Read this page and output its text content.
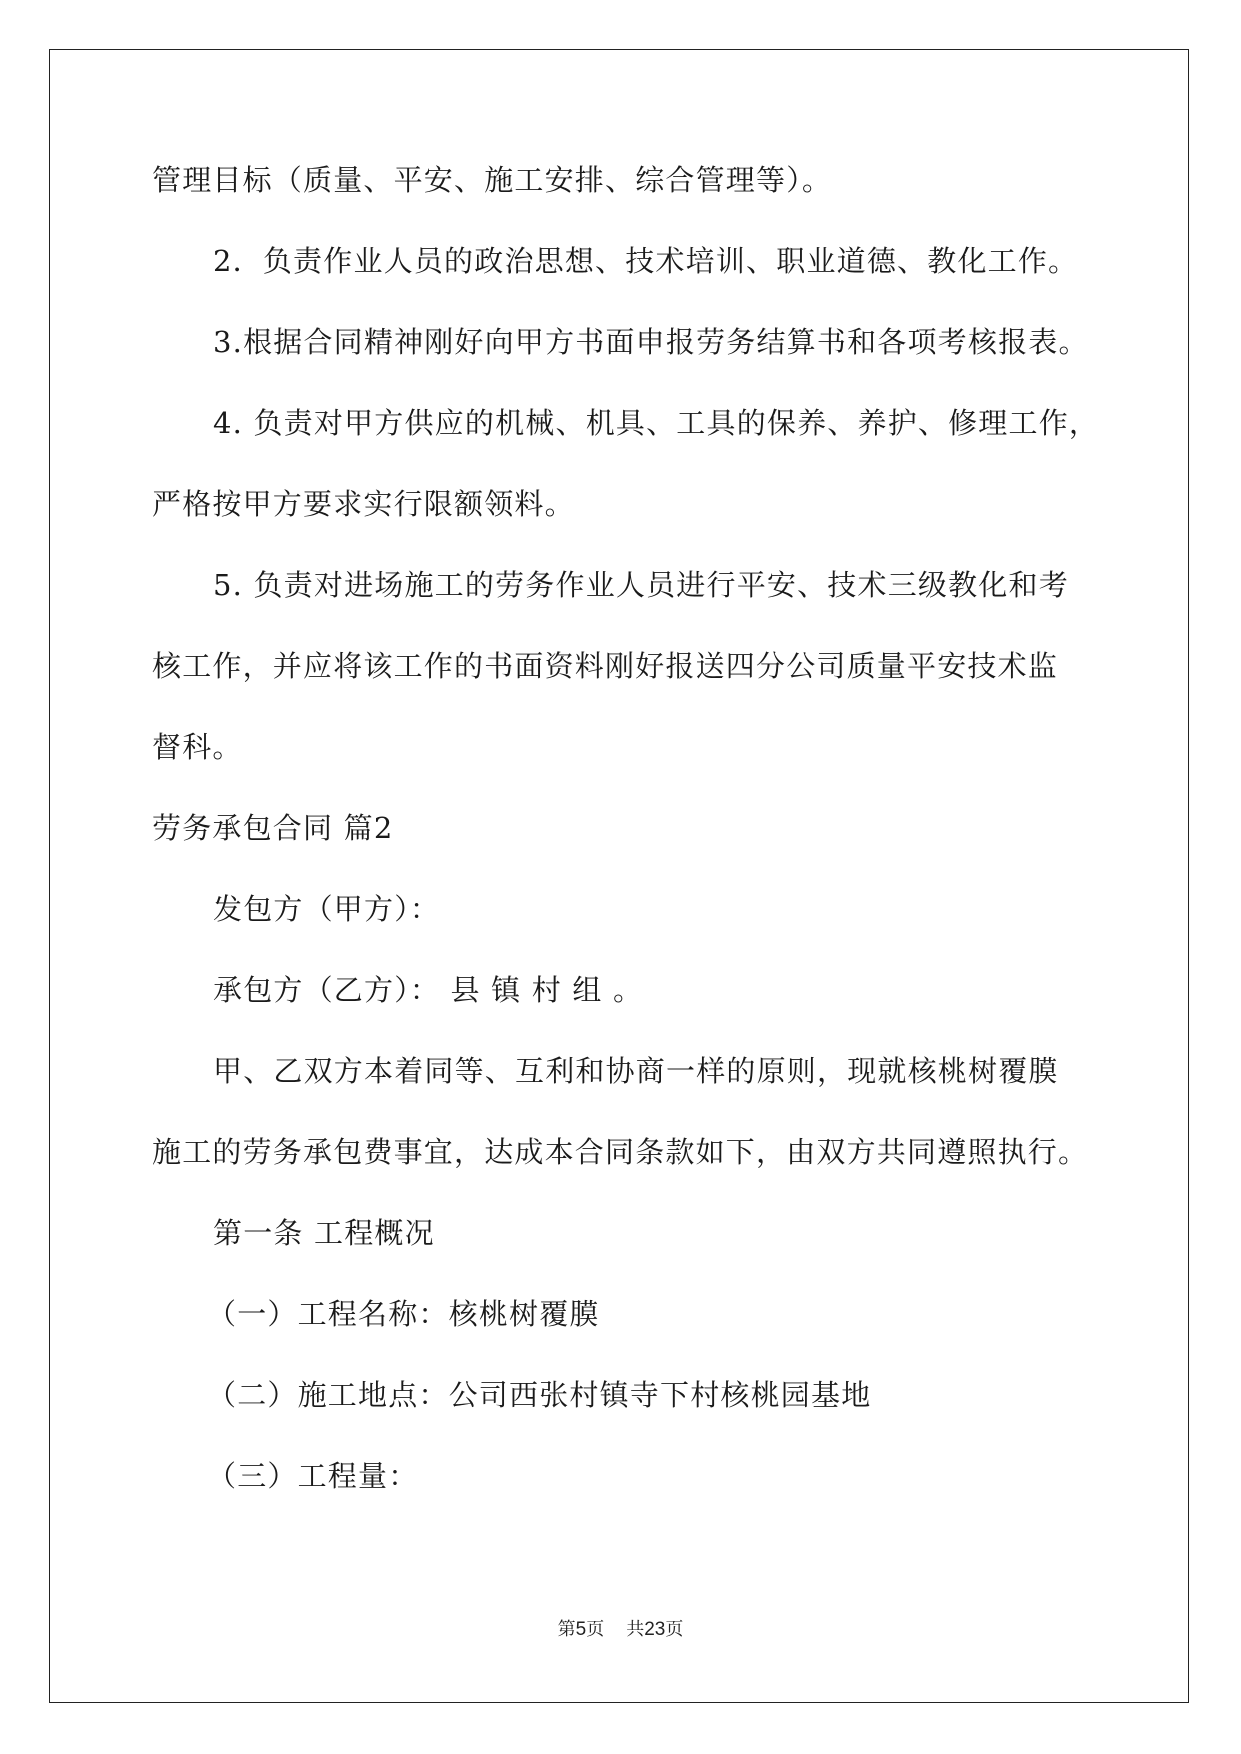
管理目标（质量、平安、施工安排、综合管理等）。
2．负责作业人员的政治思想、技术培训、职业道德、教化工作。
3.根据合同精神刚好向甲方书面申报劳务结算书和各项考核报表。
4. 负责对甲方供应的机械、机具、工具的保养、养护、修理工作，
严格按甲方要求实行限额领料。
5. 负责对进场施工的劳务作业人员进行平安、技术三级教化和考
核工作，并应将该工作的书面资料刚好报送四分公司质量平安技术监
督科。
劳务承包合同 篇2
发包方（甲方）：
承包方（乙方）： 县 镇 村 组 。
甲、乙双方本着同等、互利和协商一样的原则，现就核桃树覆膜
施工的劳务承包费事宜，达成本合同条款如下，由双方共同遵照执行。
第一条 工程概况
（一）工程名称：核桃树覆膜
（二）施工地点：公司西张村镇寺下村核桃园基地
（三）工程量：
第5页 共23页
